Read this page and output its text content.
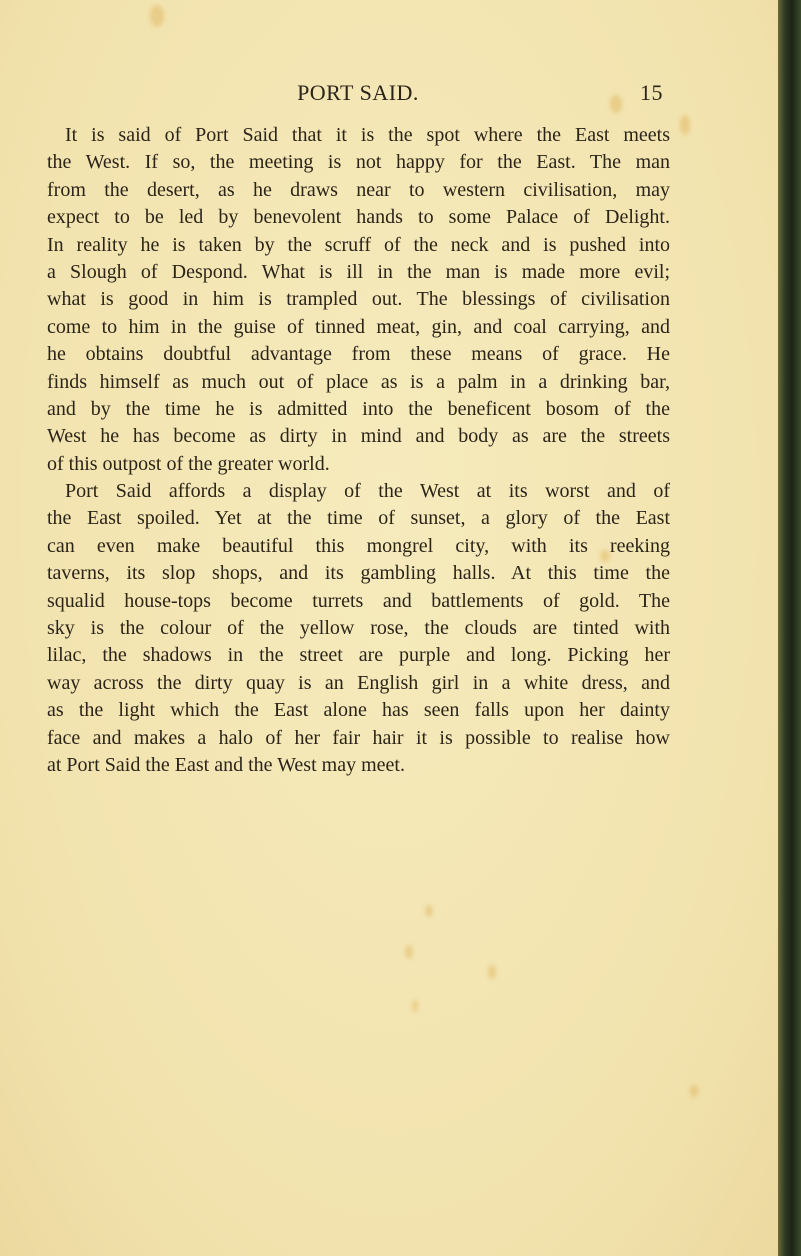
PORT SAID.	15
It is said of Port Said that it is the spot where the East meets
the West. If so, the meeting is not happy for the East. The man
from the desert, as he draws near to western civilisation, may
expect to be led by benevolent hands to some Palace of Delight.
In reality he is taken by the scruff of the neck and is pushed into
a Slough of Despond. What is ill in the man is made more evil;
what is good in him is trampled out. The blessings of civilisation
come to him in the guise of tinned meat, gin, and coal carrying, and
he obtains doubtful advantage from these means of grace. He
finds himself as much out of place as is a palm in a drinking bar,
and by the time he is admitted into the beneficent bosom of the
West he has become as dirty in mind and body as are the streets
of this outpost of the greater world.
Port Said affords a display of the West at its worst and of
the East spoiled. Yet at the time of sunset, a glory of the East
can even make beautiful this mongrel city, with its reeking
taverns, its slop shops, and its gambling halls. At this time the
squalid house-tops become turrets and battlements of gold. The
sky is the colour of the yellow rose, the clouds are tinted with
lilac, the shadows in the street are purple and long. Picking her
way across the dirty quay is an English girl in a white dress, and
as the light which the East alone has seen falls upon her dainty
face and makes a halo of her fair hair it is possible to realise how
at Port Said the East and the West may meet.
